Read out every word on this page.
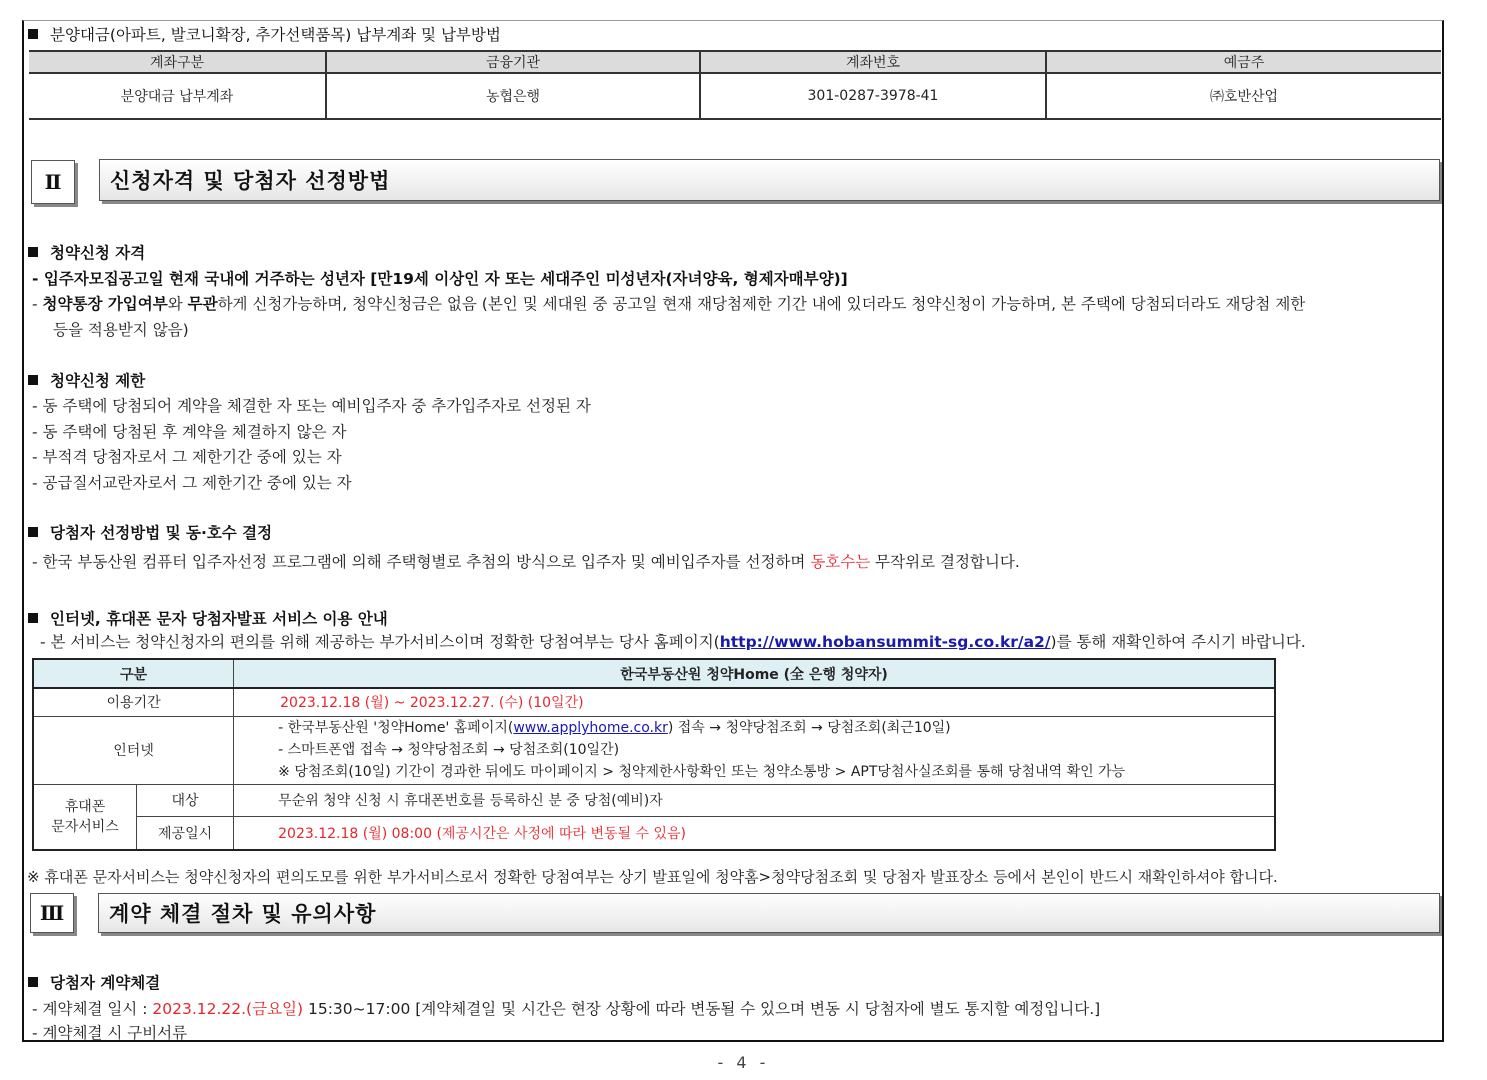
분양대금(아파트, 발코니확장, 추가선택품목) 납부계좌 및 납부방법
계좌구분	금융기관	계좌번호	예금주
분양대금 납부계좌	농협은행	301-0287-3978-41	㈜호반산업
Ⅱ	신청자격 및 당첨자 선정방법
청약신청 자격
- 입주자모집공고일 현재 국내에 거주하는 성년자 [만19세 이상인 자 또는 세대주인 미성년자(자녀양육, 형제자매부양)]
- 청약통장 가입여부와 무관하게 신청가능하며, 청약신청금은 없음 (본인 및 세대원 중 공고일 현재 재당첨제한 기간 내에 있더라도 청약신청이 가능하며, 본 주택에 당첨되더라도 재당첨 제한
등을 적용받지 않음)
청약신청 제한
- 동 주택에 당첨되어 계약을 체결한 자 또는 예비입주자 중 추가입주자로 선정된 자
- 동 주택에 당첨된 후 계약을 체결하지 않은 자
- 부적격 당첨자로서 그 제한기간 중에 있는 자
- 공급질서교란자로서 그 제한기간 중에 있는 자
당첨자 선정방법 및 동·호수 결정
- 한국 부동산원 컴퓨터 입주자선정 프로그램에 의해 주택형별로 추첨의 방식으로 입주자 및 예비입주자를 선정하며 동호수는 무작위로 결정합니다.
인터넷, 휴대폰 문자 당첨자발표 서비스 이용 안내
- 본 서비스는 청약신청자의 편의를 위해 제공하는 부가서비스이며 정확한 당첨여부는 당사 홈페이지(http://www.hobansummit-sg.co.kr/a2/)를 통해 재확인하여 주시기 바랍니다.
구분		한국부동산원 청약Home (全 은행 청약자)
이용기간		2023.12.18 (월) ~ 2023.12.27. (수) (10일간)
인터넷		- 한국부동산원 '청약Home' 홈페이지(www.applyhome.co.kr) 접속 → 청약당첨조회 → 당첨조회(최근10일)
- 스마트폰앱 접속 → 청약당첨조회 → 당첨조회(10일간)
※ 당첨조회(10일) 기간이 경과한 뒤에도 마이페이지 > 청약제한사항확인 또는 청약소통방 > APT당첨사실조회를 통해 당첨내역 확인 가능

휴대폰
문자서비스	대상	무순위 청약 신청 시 휴대폰번호를 등록하신 분 중 당첨(예비)자
	제공일시	2023.12.18 (월) 08:00 (제공시간은 사정에 따라 변동될 수 있음)
※ 휴대폰 문자서비스는 청약신청자의 편의도모를 위한 부가서비스로서 정확한 당첨여부는 상기 발표일에 청약홈>청약당첨조회 및 당첨자 발표장소 등에서 본인이 반드시 재확인하셔야 합니다.
Ⅲ	계약 체결 절차 및 유의사항
당첨자 계약체결
- 계약체결 일시 : 2023.12.22.(금요일) 15:30~17:00 [계약체결일 및 시간은 현장 상황에 따라 변동될 수 있으며 변동 시 당첨자에 별도 통지할 예정입니다.]
- 계약체결 시 구비서류
- 4 -
